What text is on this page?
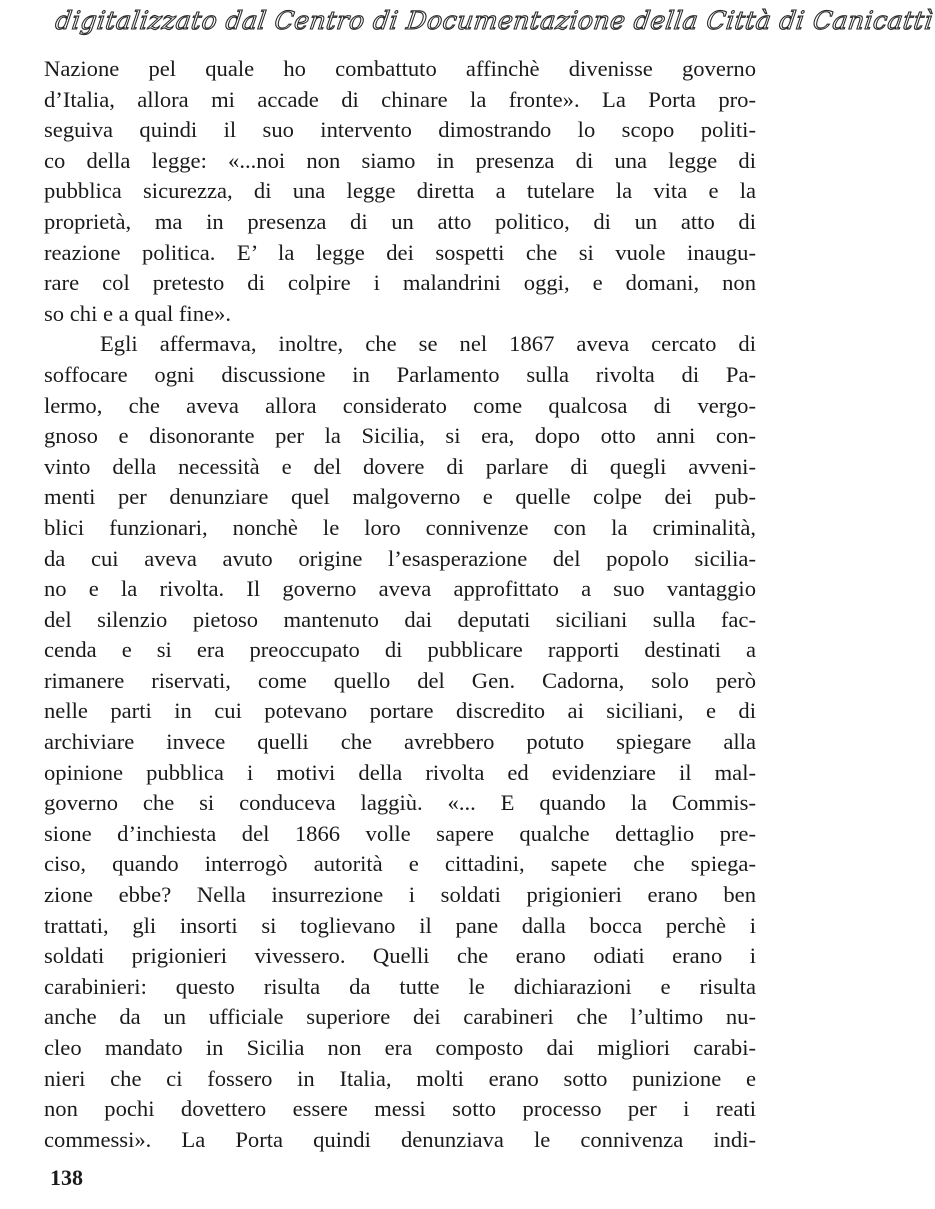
digitalizzato dal Centro di Documentazione della Città di Canicattì

Nazione pel quale ho combattuto affinchè divenisse governo
d’Italia, allora mi accade di chinare la fronte». La Porta pro-
seguiva quindi il suo intervento dimostrando lo scopo politi-
co della legge: «...noi non siamo in presenza di una legge di
pubblica sicurezza, di una legge diretta a tutelare la vita e la
proprietà, ma in presenza di un atto politico, di un atto di
reazione politica. E’ la legge dei sospetti che si vuole inaugu-
rare col pretesto di colpire i malandrini oggi, e domani, non
so chi e a qual fine».

Egli affermava, inoltre, che se nel 1867 aveva cercato di
soffocare ogni discussione in Parlamento sulla rivolta di Pa-
lermo, che aveva allora considerato come qualcosa di vergo-
gnoso e disonorante per la Sicilia, si era, dopo otto anni con-
vinto della necessità e del dovere di parlare di quegli avveni-
menti per denunziare quel malgoverno e quelle colpe dei pub-
blici funzionari, nonchè le loro connivenze con la criminalità,
da cui aveva avuto origine l’esasperazione del popolo sicilia-
no e la rivolta. Il governo aveva approfittato a suo vantaggio
del silenzio pietoso mantenuto dai deputati siciliani sulla fac-
cenda e si era preoccupato di pubblicare rapporti destinati a
rimanere riservati, come quello del Gen. Cadorna, solo però
nelle parti in cui potevano portare discredito ai siciliani, e di
archiviare invece quelli che avrebbero potuto spiegare alla
opinione pubblica i motivi della rivolta ed evidenziare il mal-
governo che si conduceva laggiù. «... E quando la Commis-
sione d’inchiesta del 1866 volle sapere qualche dettaglio pre-
ciso, quando interrogò autorità e cittadini, sapete che spiega-
zione ebbe? Nella insurrezione i soldati prigionieri erano ben
trattati, gli insorti si toglievano il pane dalla bocca perchè i
soldati prigionieri vivessero. Quelli che erano odiati erano i
carabinieri: questo risulta da tutte le dichiarazioni e risulta
anche da un ufficiale superiore dei carabineri che l’ultimo nu-
cleo mandato in Sicilia non era composto dai migliori carabi-
nieri che ci fossero in Italia, molti erano sotto punizione e
non pochi dovettero essere messi sotto processo per i reati
commessi». La Porta quindi denunziava le connivenza indi-

138
